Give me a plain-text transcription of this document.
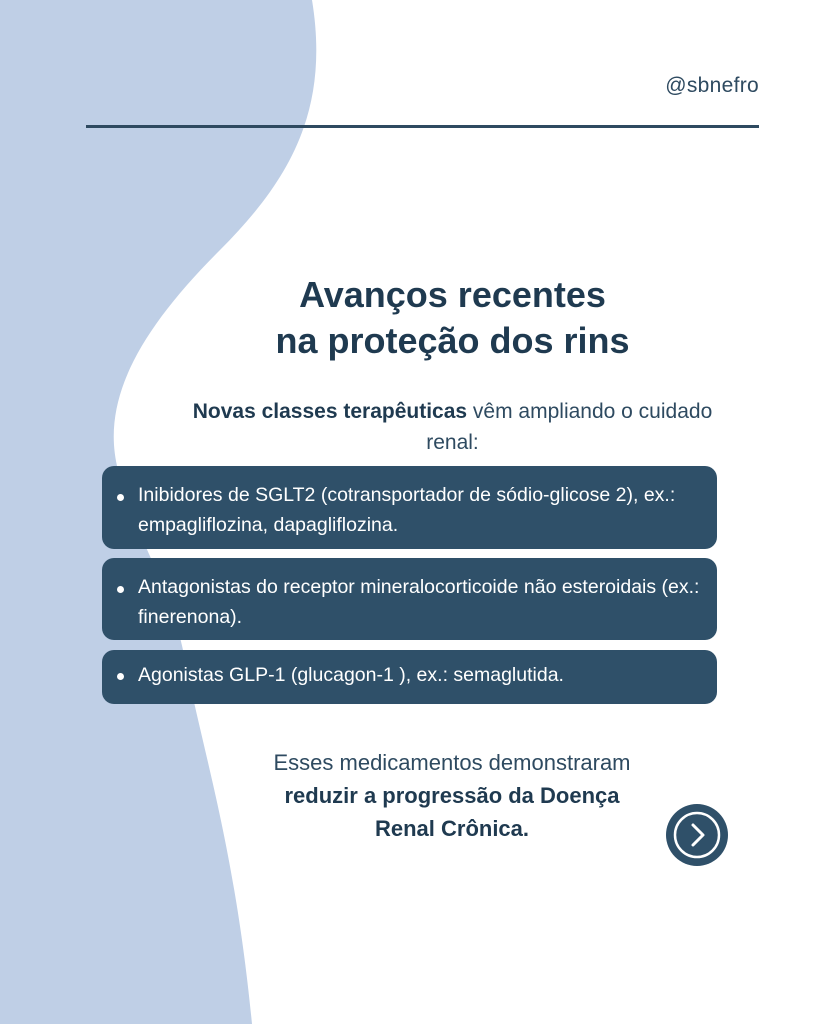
@sbnefro
Avanços recentes
na proteção dos rins
Novas classes terapêuticas vêm ampliando o cuidado renal:
Inibidores de SGLT2 (cotransportador de sódio-glicose 2), ex.: empagliflozina, dapagliflozina.
Antagonistas do receptor mineralocorticoide não esteroidais (ex.: finerenona).
Agonistas GLP-1 (glucagon-1 ), ex.: semaglutida.
Esses medicamentos demonstraram reduzir a progressão da Doença Renal Crônica.
